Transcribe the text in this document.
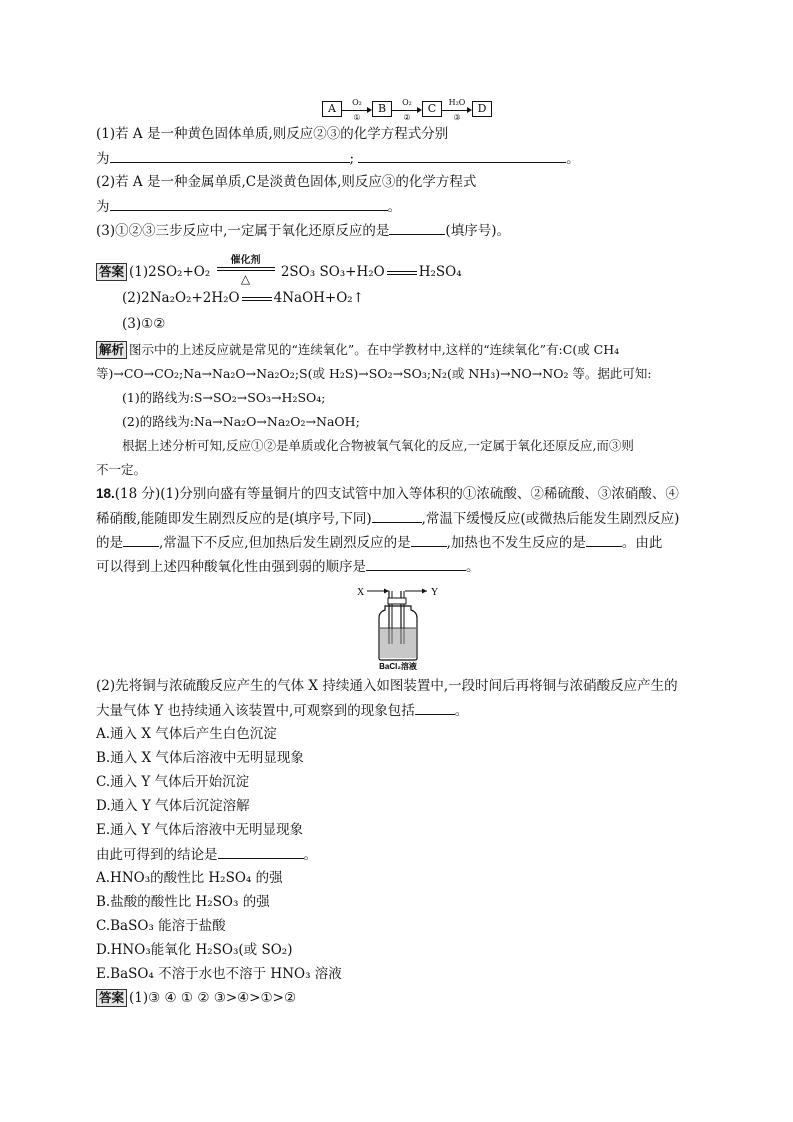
A	O₂
①
B	O₂
②
C	H₂O
③
D
(1)若 A 是一种黄色固体单质,则反应②③的化学方程式分别
为	;	。
(2)若 A 是一种金属单质,C是淡黄色固体,则反应③的化学方程式
为	。
(3)①②③三步反应中,一定属于氧化还原反应的是	(填序号)。
答案 (1)2SO₂+O₂
催化剂
△	2SO₃ SO₃+H₂O	H₂SO₄
(2)2Na₂O₂+2H₂O	4NaOH+O₂↑
(3)①②
解析 图示中的上述反应就是常见的“连续氧化”。在中学教材中,这样的“连续氧化”有:C(或 CH₄
等)→CO→CO₂;Na→Na₂O→Na₂O₂;S(或 H₂S)→SO₂→SO₃;N₂(或 NH₃)→NO→NO₂ 等。据此可知:
(1)的路线为:S→SO₂→SO₃→H₂SO₄;
(2)的路线为:Na→Na₂O→Na₂O₂→NaOH;
根据上述分析可知,反应①②是单质或化合物被氧气氧化的反应,一定属于氧化还原反应,而③则
不一定。
18.(18 分)(1)分别向盛有等量铜片的四支试管中加入等体积的①浓硫酸、②稀硫酸、③浓硝酸、④
稀硝酸,能随即发生剧烈反应的是(填序号,下同)	,常温下缓慢反应(或微热后能发生剧烈反应)
的是	,常温下不反应,但加热后发生剧烈反应的是	,加热也不发生反应的是	。由此
可以得到上述四种酸氧化性由强到弱的顺序是	。
X	Y
BaCl₂溶液
(2)先将铜与浓硫酸反应产生的气体 X 持续通入如图装置中,一段时间后再将铜与浓硝酸反应产生的
大量气体 Y 也持续通入该装置中,可观察到的现象包括	。
A.通入 X 气体后产生白色沉淀
B.通入 X 气体后溶液中无明显现象
C.通入 Y 气体后开始沉淀
D.通入 Y 气体后沉淀溶解
E.通入 Y 气体后溶液中无明显现象
由此可得到的结论是	。
A.HNO₃的酸性比 H₂SO₄ 的强
B.盐酸的酸性比 H₂SO₃ 的强
C.BaSO₃ 能溶于盐酸
D.HNO₃能氧化 H₂SO₃(或 SO₂)
E.BaSO₄ 不溶于水也不溶于 HNO₃ 溶液
答案 (1)③ ④ ① ② ③>④>①>②
